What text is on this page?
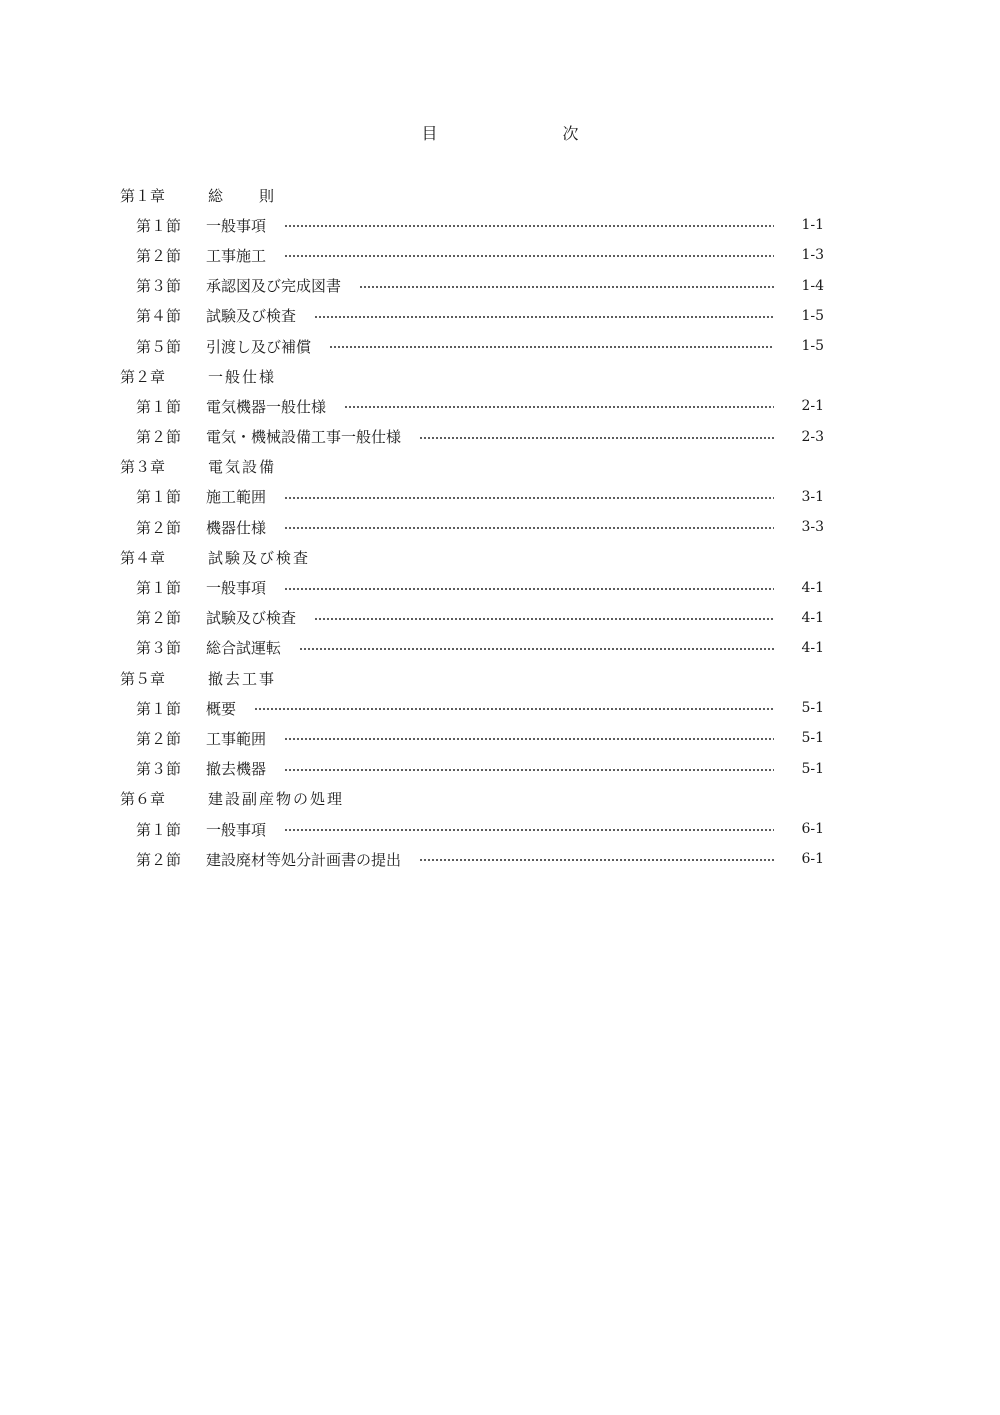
目 次
第１章	総　　則
第１節	一般事項	1-1
第２節	工事施工	1-3
第３節	承認図及び完成図書	1-4
第４節	試験及び検査	1-5
第５節	引渡し及び補償	1-5
第２章	一般仕様
第１節	電気機器一般仕様	2-1
第２節	電気・機械設備工事一般仕様	2-3
第３章	電気設備
第１節	施工範囲	3-1
第２節	機器仕様	3-3
第４章	試験及び検査
第１節	一般事項	4-1
第２節	試験及び検査	4-1
第３節	総合試運転	4-1
第５章	撤去工事
第１節	概要	5-1
第２節	工事範囲	5-1
第３節	撤去機器	5-1
第６章	建設副産物の処理
第１節	一般事項	6-1
第２節	建設廃材等処分計画書の提出	6-1
